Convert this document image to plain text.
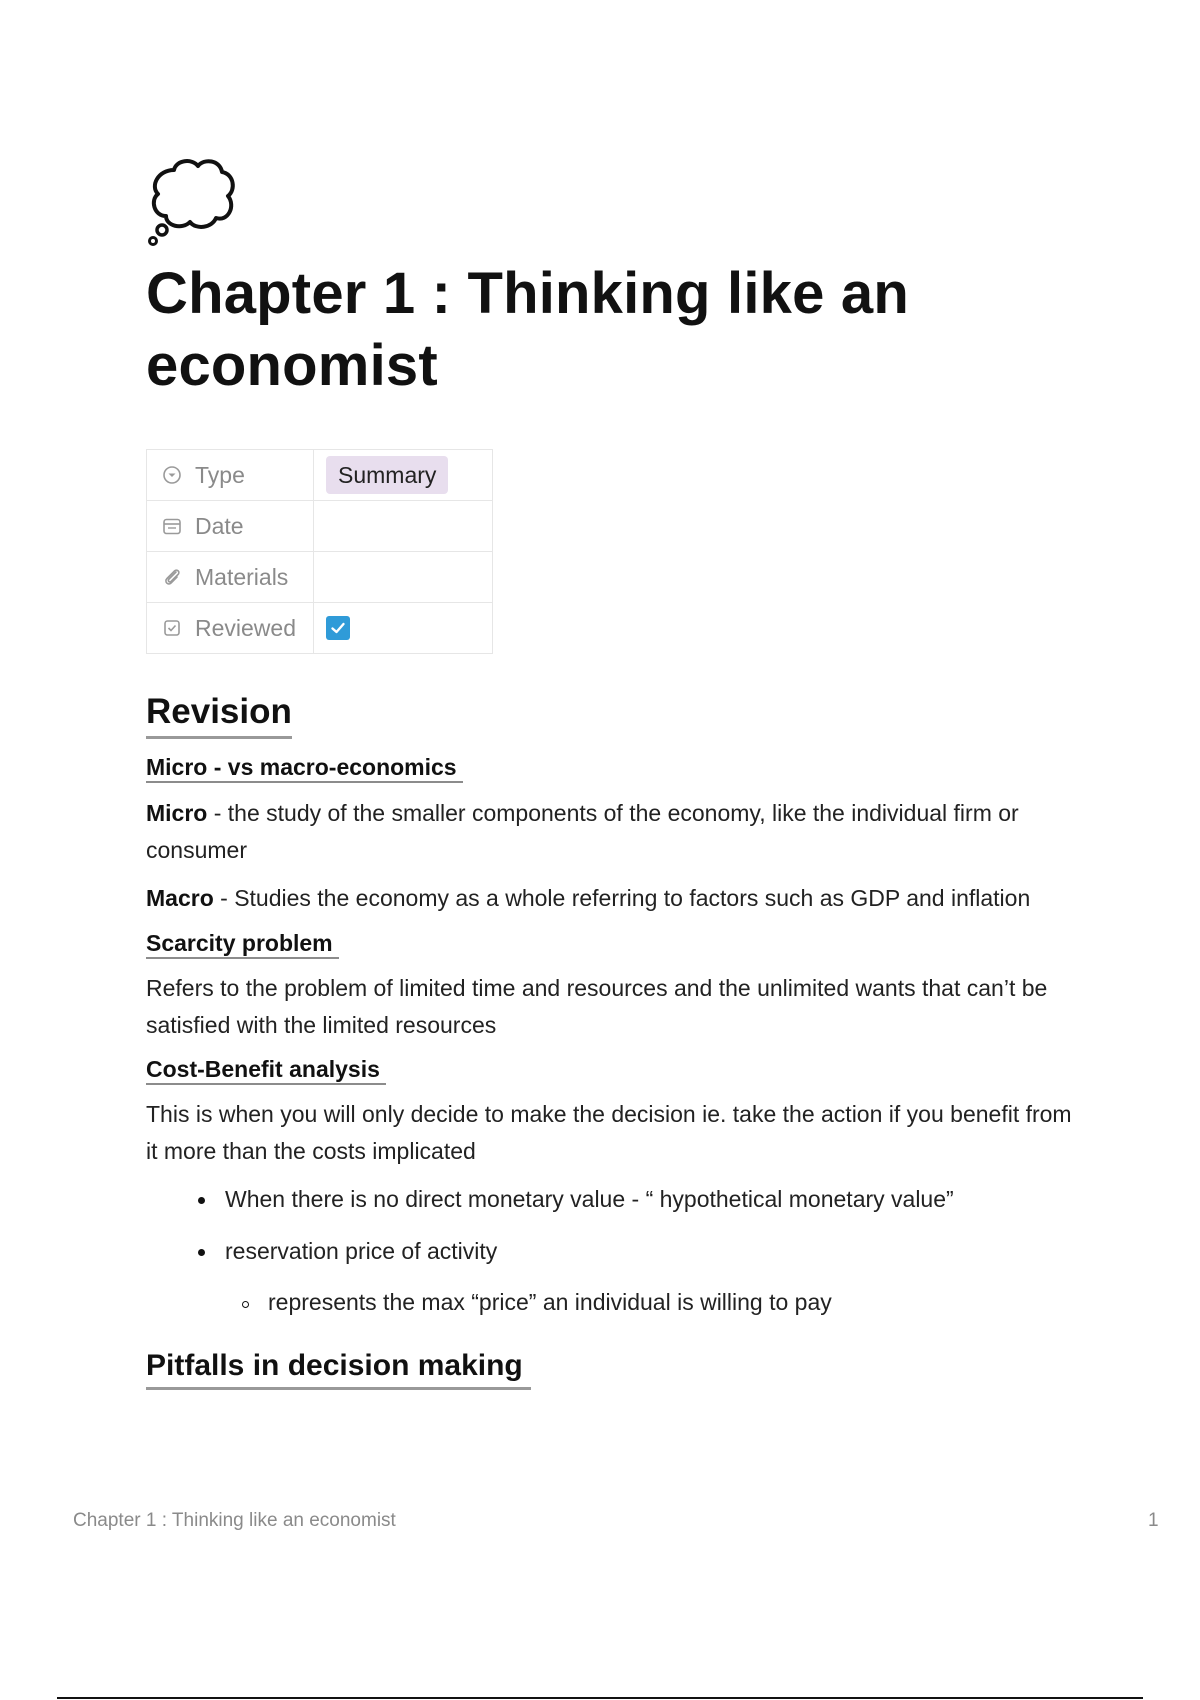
Chapter 1 : Thinking like an economist
Type	Summary

Date	

Materials	

Reviewed

Revision
Micro - vs macro-economics

Micro - the study of the smaller components of the economy, like the individual firm or consumer

Macro - Studies the economy as a whole referring to factors such as GDP and inflation

Scarcity problem

Refers to the problem of limited time and resources and the unlimited wants that can’t be satisfied with the limited resources

Cost-Benefit analysis

This is when you will only decide to make the decision ie. take the action if you benefit from it more than the costs implicated

When there is no direct monetary value - “ hypothetical monetary value”
reservation price of activity
represents the max “price” an individual is willing to pay
Pitfalls in decision making
Chapter 1 : Thinking like an economist	1
